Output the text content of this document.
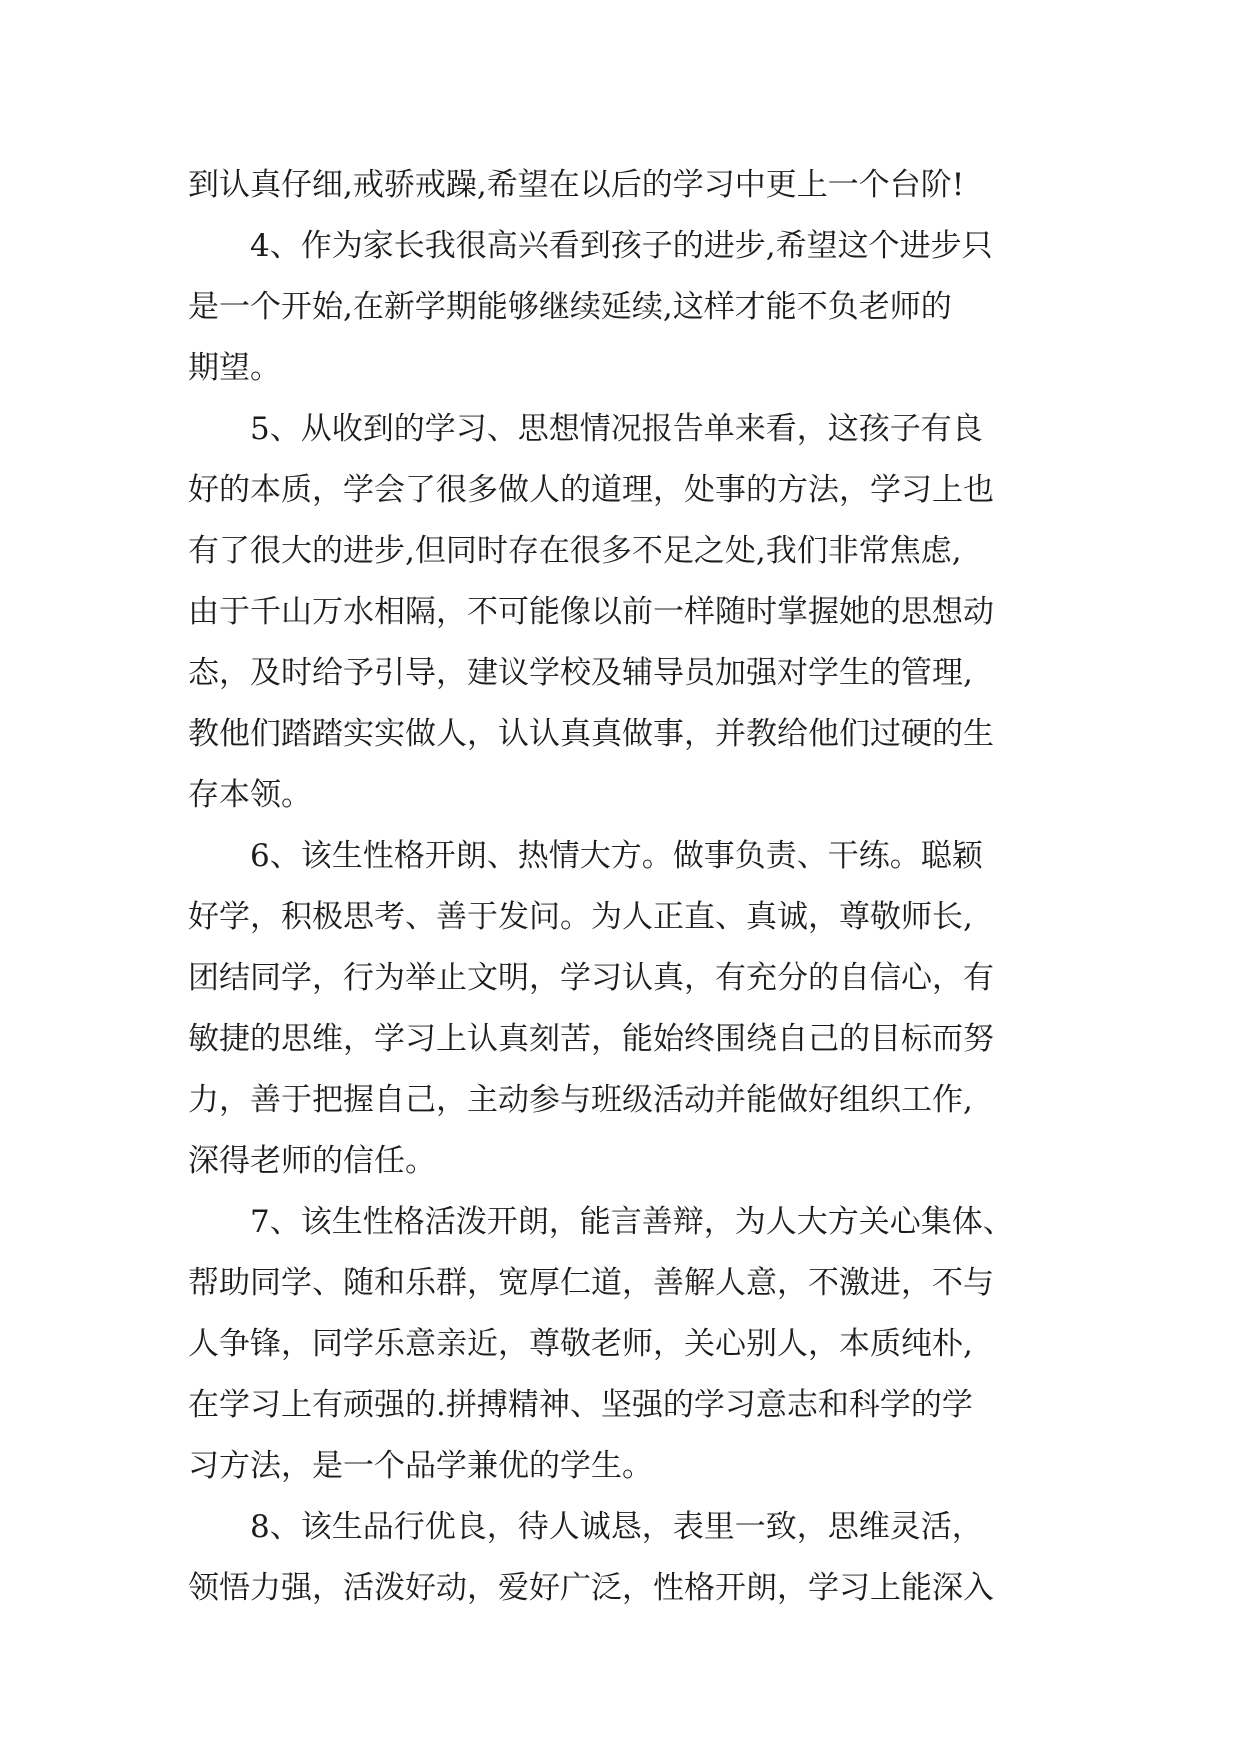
到认真仔细,戒骄戒躁,希望在以后的学习中更上一个台阶!
4、作为家长我很高兴看到孩子的进步,希望这个进步只
是一个开始,在新学期能够继续延续,这样才能不负老师的
期望。
5、从收到的学习、思想情况报告单来看，这孩子有良
好的本质，学会了很多做人的道理，处事的方法，学习上也
有了很大的进步,但同时存在很多不足之处,我们非常焦虑,
由于千山万水相隔，不可能像以前一样随时掌握她的思想动
态，及时给予引导，建议学校及辅导员加强对学生的管理,
教他们踏踏实实做人，认认真真做事，并教给他们过硬的生
存本领。
6、该生性格开朗、热情大方。做事负责、干练。聪颖
好学，积极思考、善于发问。为人正直、真诚，尊敬师长,
团结同学，行为举止文明，学习认真，有充分的自信心，有
敏捷的思维，学习上认真刻苦，能始终围绕自己的目标而努
力，善于把握自己，主动参与班级活动并能做好组织工作,
深得老师的信任。
7、该生性格活泼开朗，能言善辩，为人大方关心集体、
帮助同学、随和乐群，宽厚仁道，善解人意，不激进，不与
人争锋，同学乐意亲近，尊敬老师，关心别人，本质纯朴,
在学习上有顽强的.拼搏精神、坚强的学习意志和科学的学
习方法，是一个品学兼优的学生。
8、该生品行优良，待人诚恳，表里一致，思维灵活，
领悟力强，活泼好动，爱好广泛，性格开朗，学习上能深入
